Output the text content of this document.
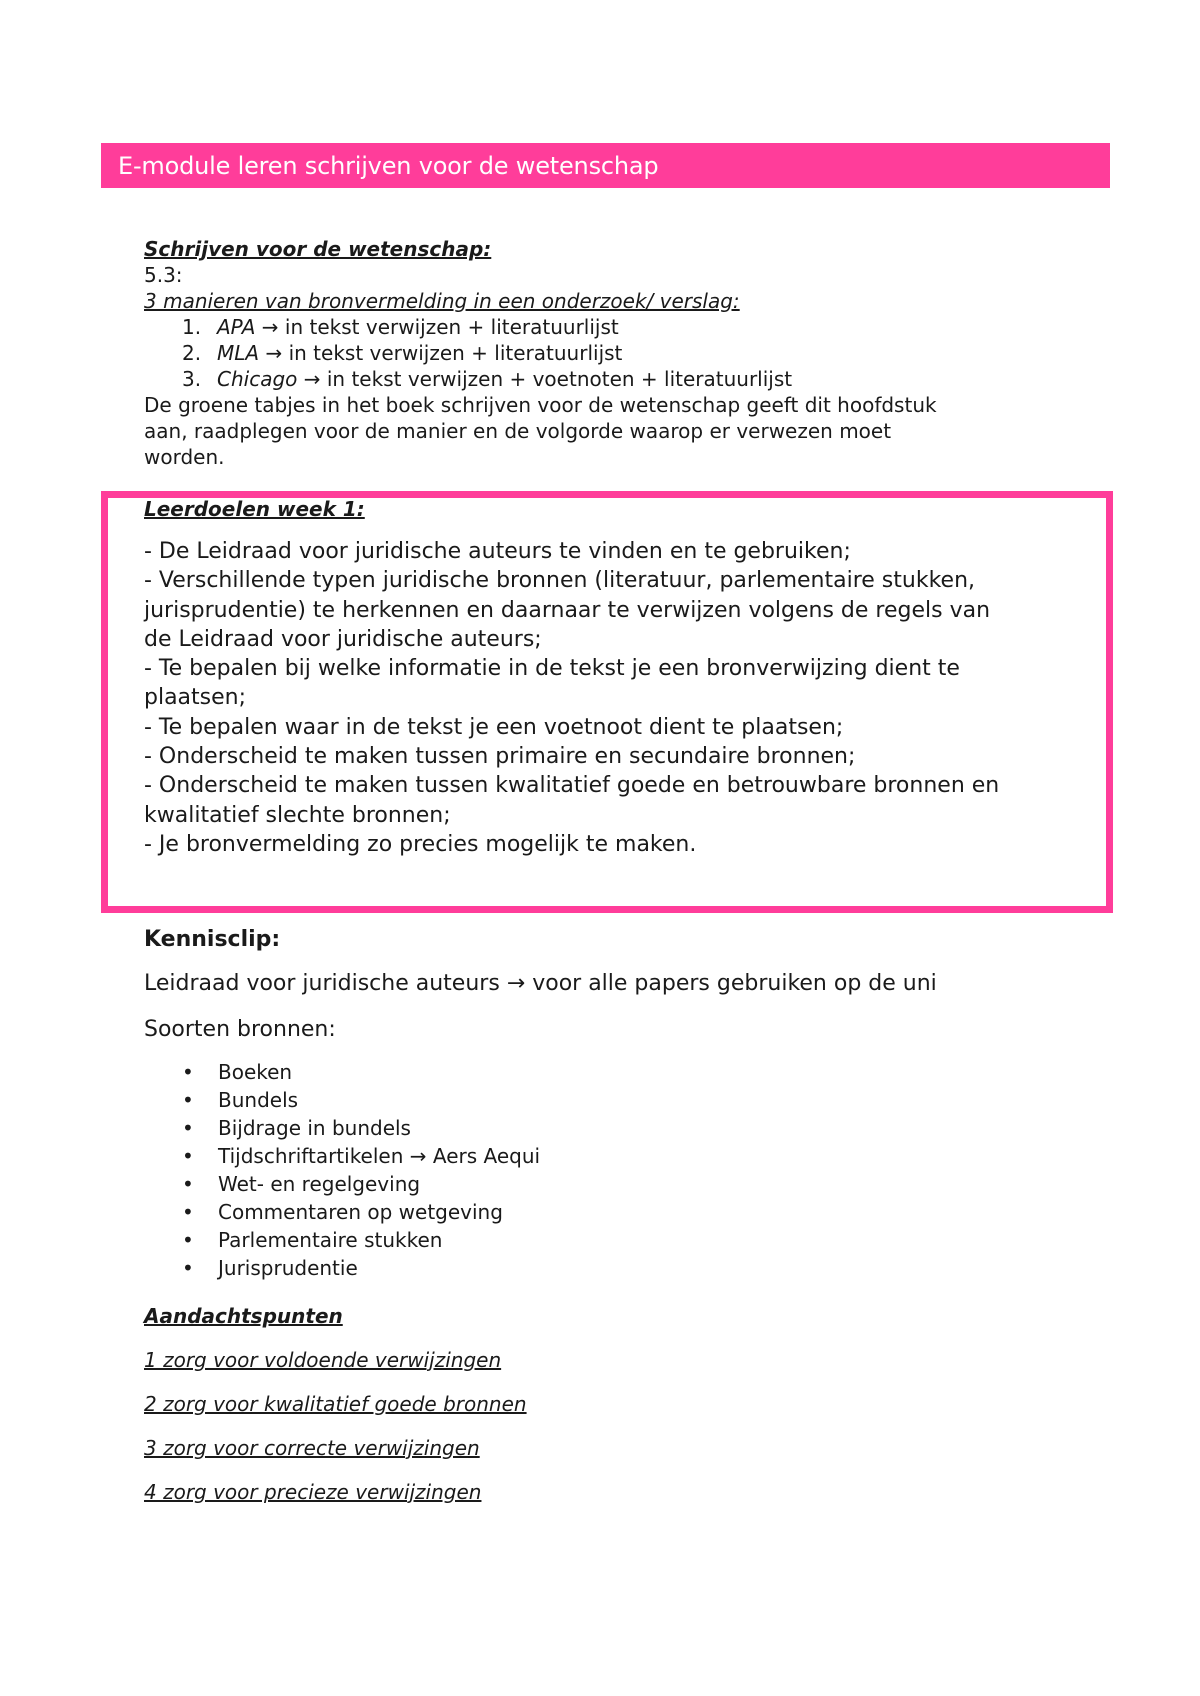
E-module leren schrijven voor de wetenschap
Schrijven voor de wetenschap:
5.3:
3 manieren van bronvermelding in een onderzoek/ verslag:
1. APA → in tekst verwijzen + literatuurlijst
2. MLA → in tekst verwijzen + literatuurlijst
3. Chicago → in tekst verwijzen + voetnoten + literatuurlijst
De groene tabjes in het boek schrijven voor de wetenschap geeft dit hoofdstuk
aan, raadplegen voor de manier en de volgorde waarop er verwezen moet
worden.
Leerdoelen week 1:
- De Leidraad voor juridische auteurs te vinden en te gebruiken;
- Verschillende typen juridische bronnen (literatuur, parlementaire stukken,
jurisprudentie) te herkennen en daarnaar te verwijzen volgens de regels van
de Leidraad voor juridische auteurs;
- Te bepalen bij welke informatie in de tekst je een bronverwijzing dient te
plaatsen;
- Te bepalen waar in de tekst je een voetnoot dient te plaatsen;
- Onderscheid te maken tussen primaire en secundaire bronnen;
- Onderscheid te maken tussen kwalitatief goede en betrouwbare bronnen en
kwalitatief slechte bronnen;
- Je bronvermelding zo precies mogelijk te maken.
Kennisclip:
Leidraad voor juridische auteurs → voor alle papers gebruiken op de uni
Soorten bronnen:
• Boeken
• Bundels
• Bijdrage in bundels
• Tijdschriftartikelen → Aers Aequi
• Wet- en regelgeving
• Commentaren op wetgeving
• Parlementaire stukken
• Jurisprudentie
Aandachtspunten
1 zorg voor voldoende verwijzingen
2 zorg voor kwalitatief goede bronnen
3 zorg voor correcte verwijzingen
4 zorg voor precieze verwijzingen
